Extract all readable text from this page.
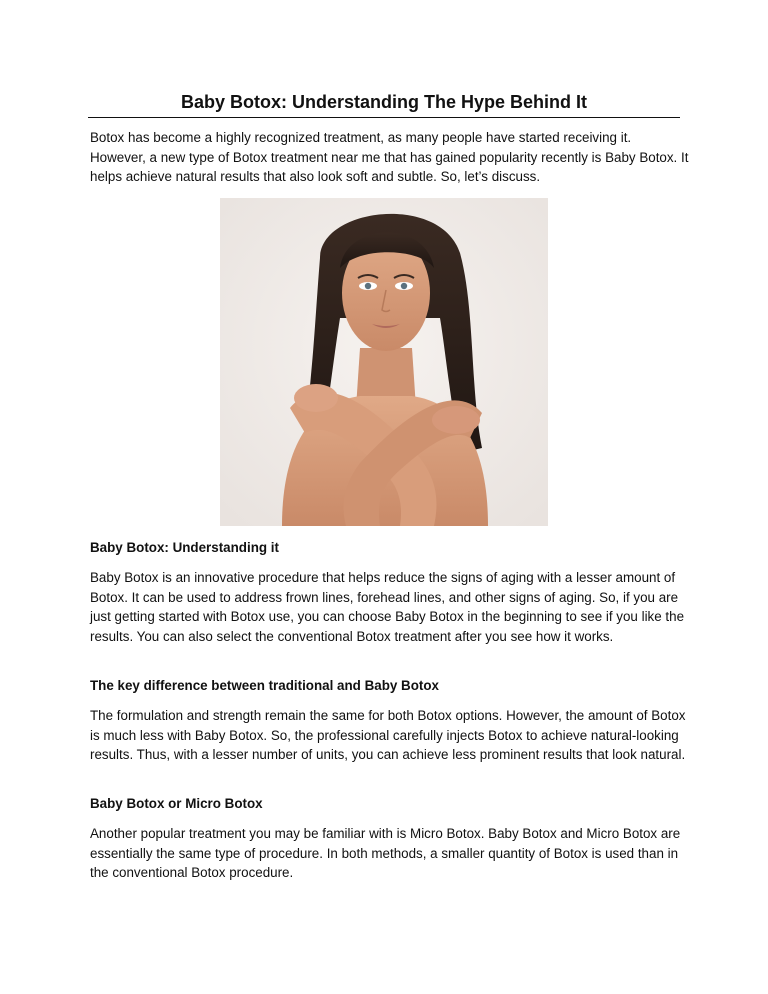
Baby Botox: Understanding The Hype Behind It

Botox has become a highly recognized treatment, as many people have started receiving it. However, a new type of Botox treatment near me that has gained popularity recently is Baby Botox. It helps achieve natural results that also look soft and subtle. So, let’s discuss.

Baby Botox: Understanding it

Baby Botox is an innovative procedure that helps reduce the signs of aging with a lesser amount of Botox. It can be used to address frown lines, forehead lines, and other signs of aging. So, if you are just getting started with Botox use, you can choose Baby Botox in the beginning to see if you like the results. You can also select the conventional Botox treatment after you see how it works.

The key difference between traditional and Baby Botox

The formulation and strength remain the same for both Botox options. However, the amount of Botox is much less with Baby Botox. So, the professional carefully injects Botox to achieve natural-looking results. Thus, with a lesser number of units, you can achieve less prominent results that look natural.

Baby Botox or Micro Botox

Another popular treatment you may be familiar with is Micro Botox. Baby Botox and Micro Botox are essentially the same type of procedure. In both methods, a smaller quantity of Botox is used than in the conventional Botox procedure.
